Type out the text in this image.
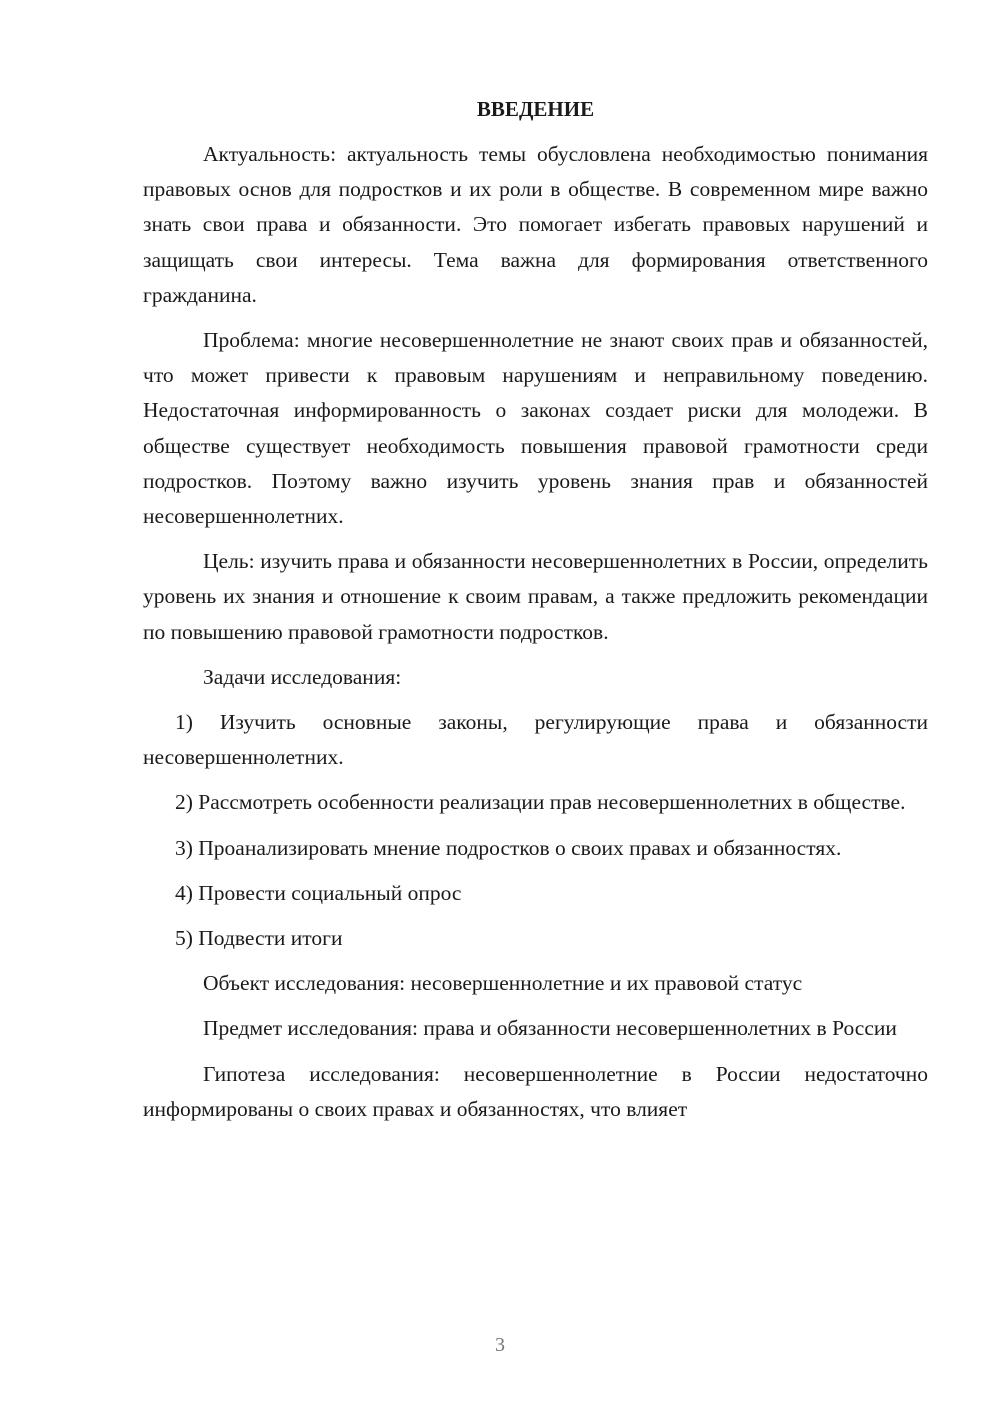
ВВЕДЕНИЕ

Актуальность: актуальность темы обусловлена необходимостью понимания правовых основ для подростков и их роли в обществе. В современном мире важно знать свои права и обязанности. Это помогает избегать правовых нарушений и защищать свои интересы. Тема важна для формирования ответственного гражданина.

Проблема: многие несовершеннолетние не знают своих прав и обязанностей, что может привести к правовым нарушениям и неправильному поведению. Недостаточная информированность о законах создает риски для молодежи. В обществе существует необходимость повышения правовой грамотности среди подростков. Поэтому важно изучить уровень знания прав и обязанностей несовершеннолетних.

Цель: изучить права и обязанности несовершеннолетних в России, определить уровень их знания и отношение к своим правам, а также предложить рекомендации по повышению правовой грамотности подростков.

Задачи исследования:

1) Изучить основные законы, регулирующие права и обязанности несовершеннолетних.

2) Рассмотреть особенности реализации прав несовершеннолетних в обществе.

3) Проанализировать мнение подростков о своих правах и обязанностях.

4) Провести социальный опрос

5) Подвести итоги

Объект исследования: несовершеннолетние и их правовой статус

Предмет исследования: права и обязанности несовершеннолетних в России

Гипотеза исследования: несовершеннолетние в России недостаточно информированы о своих правах и обязанностях, что влияет

3
